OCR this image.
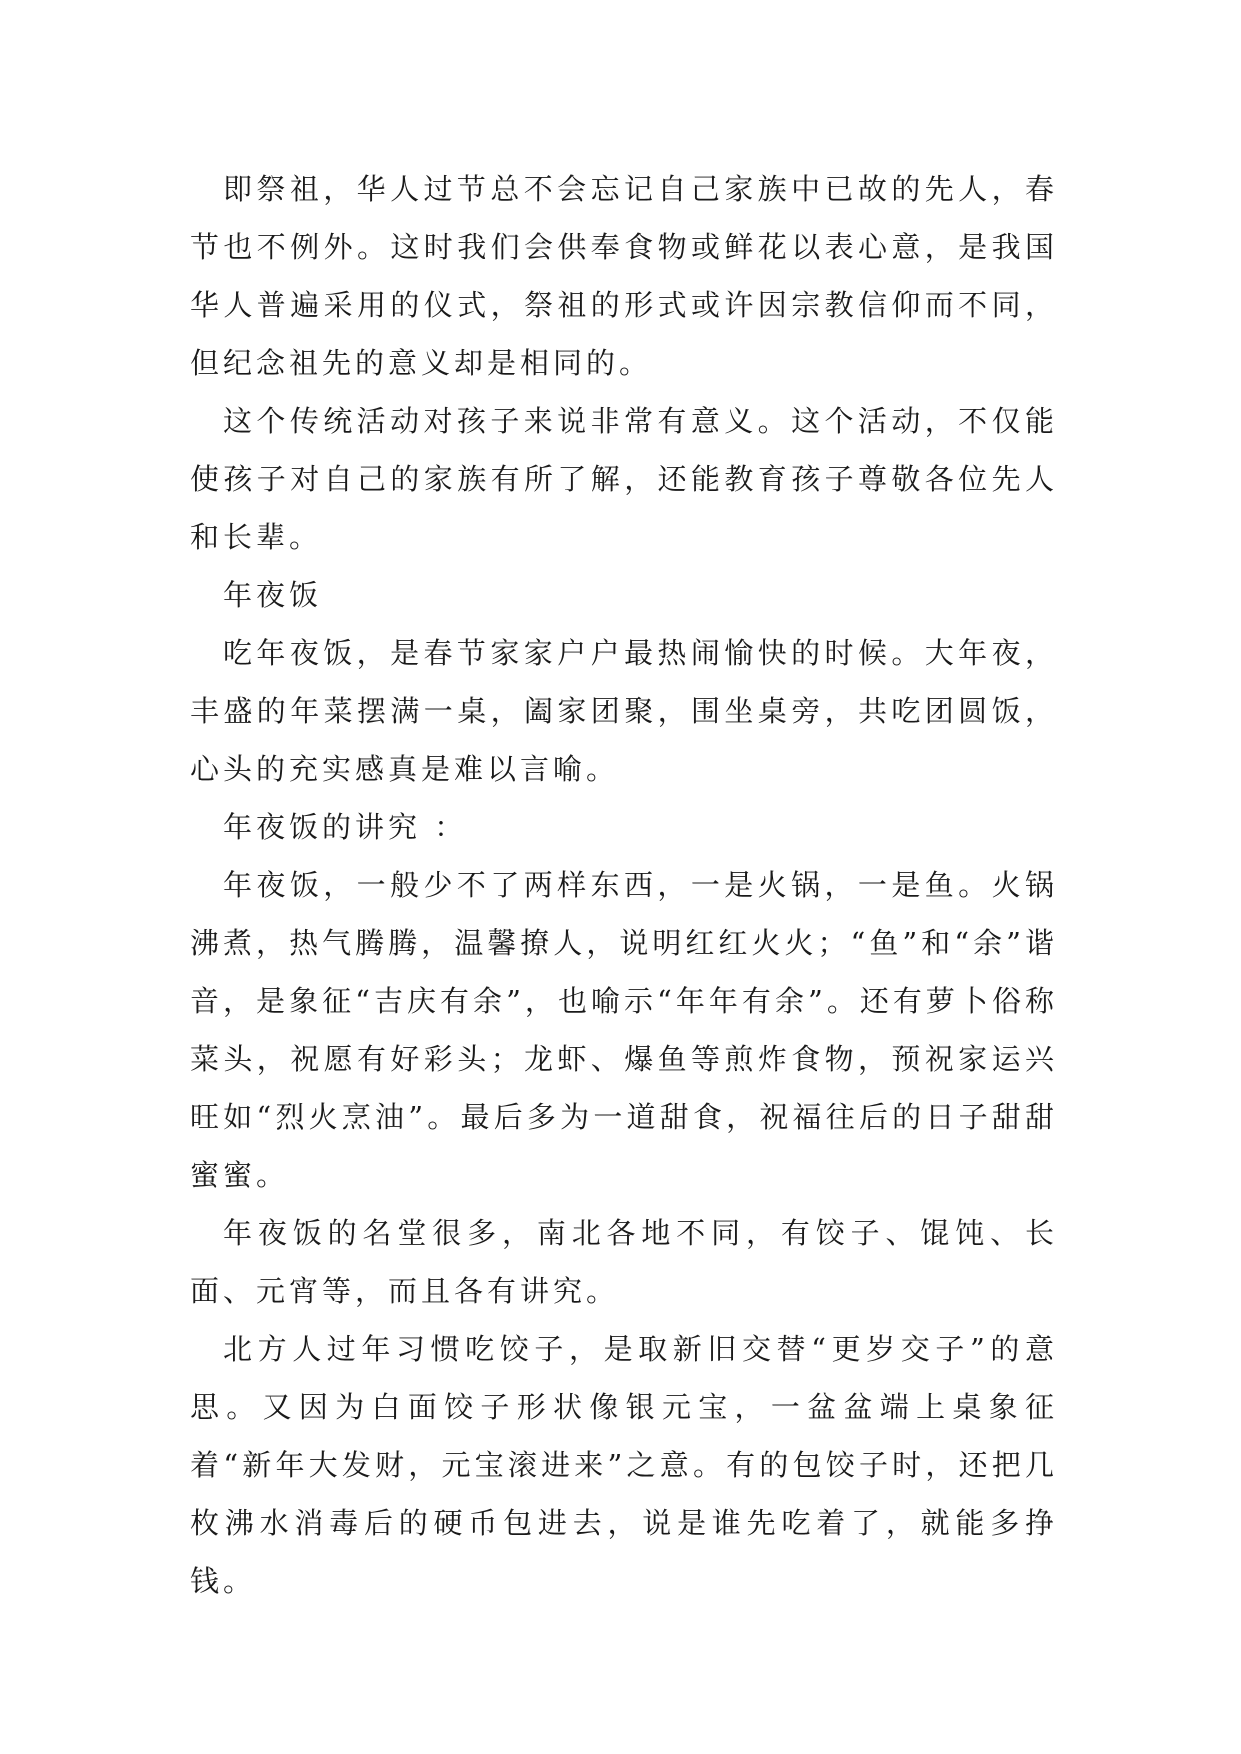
即祭祖，华人过节总不会忘记自己家族中已故的先人，春节也不例外。这时我们会供奉食物或鲜花以表心意，是我国华人普遍采用的仪式，祭祖的形式或许因宗教信仰而不同，但纪念祖先的意义却是相同的。

这个传统活动对孩子来说非常有意义。这个活动，不仅能使孩子对自己的家族有所了解，还能教育孩子尊敬各位先人和长辈。

年夜饭

吃年夜饭，是春节家家户户最热闹愉快的时候。大年夜，丰盛的年菜摆满一桌，阖家团聚，围坐桌旁，共吃团圆饭，心头的充实感真是难以言喻。

年夜饭的讲究 ：

年夜饭，一般少不了两样东西，一是火锅，一是鱼。火锅沸煮，热气腾腾，温馨撩人，说明红红火火；“鱼”和“余”谐音，是象征“吉庆有余”，也喻示“年年有余”。还有萝卜俗称菜头，祝愿有好彩头；龙虾、爆鱼等煎炸食物，预祝家运兴旺如“烈火烹油”。最后多为一道甜食，祝福往后的日子甜甜蜜蜜。

年夜饭的名堂很多，南北各地不同，有饺子、馄饨、长面、元宵等，而且各有讲究。

北方人过年习惯吃饺子，是取新旧交替“更岁交子”的意思。又因为白面饺子形状像银元宝，一盆盆端上桌象征着“新年大发财，元宝滚进来”之意。有的包饺子时，还把几枚沸水消毒后的硬币包进去，说是谁先吃着了，就能多挣钱。
